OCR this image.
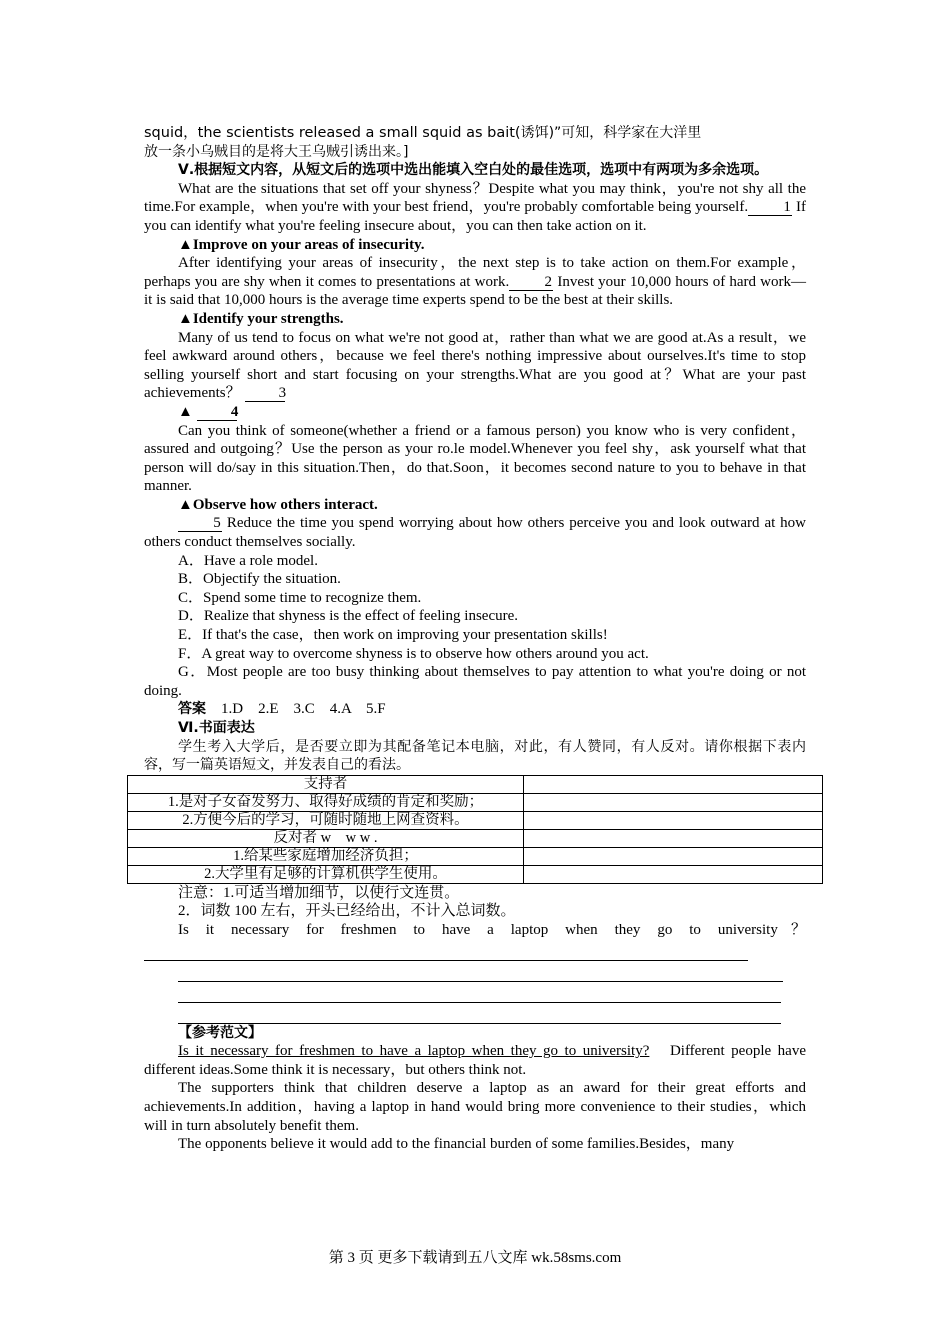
squid，the scientists released a small squid as bait(诱饵)”可知，科学家在大洋里

放一条小乌贼目的是将大王乌贼引诱出来。]

Ⅴ.根据短文内容，从短文后的选项中选出能填入空白处的最佳选项，选项中有两项为多余选项。

What are the situations that set off your shyness？Despite what you may think，you're not shy all the time.For example，when you're with your best friend，you're probably comfortable being yourself. 1 If you can identify what you're feeling insecure about，you can then take action on it.

▲Improve on your areas of insecurity.

After identifying your areas of insecurity，the next step is to take action on them.For example，perhaps you are shy when it comes to presentations at work. 2 Invest your 10,000 hours of hard work—it is said that 10,000 hours is the average time experts spend to be the best at their skills.

▲Identify your strengths.

Many of us tend to focus on what we're not good at，rather than what we are good at.As a result，we feel awkward around others，because we feel there's nothing impressive about ourselves.It's time to stop selling yourself short and start focusing on your strengths.What are you good at？What are your past achievements？	3

▲	4

Can you think of someone(whether a friend or a famous person) you know who is very confident，assured and outgoing？Use the person as your ro.le model.Whenever you feel shy，ask yourself what that person will do/say in this situation.Then，do that.Soon，it becomes second nature to you to behave in that manner.

▲Observe how others interact.

5 Reduce the time you spend worrying about how others perceive you and look outward at how others conduct themselves socially.

A．Have a role model.

B．Objectify the situation.

C．Spend some time to recognize them.

D．Realize that shyness is the effect of feeling insecure.

E．If that's the case，then work on improving your presentation skills!

F．A great way to overcome shyness is to observe how others around you act.

G．Most people are too busy thinking about themselves to pay attention to what you're doing or not doing.

答案　 1.D　2.E　3.C　4.A　5.F

Ⅵ.书面表达

学生考入大学后，是否要立即为其配备笔记本电脑，对此，有人赞同，有人反对。请你根据下表内容，写一篇英语短文，并发表自己的看法。

支持者	
1.是对子女奋发努力、取得好成绩的肯定和奖励；	
2.方便今后的学习，可随时随地上网查资料。	
反对者 w　w w .	
1.给某些家庭增加经济负担；	
2.大学里有足够的计算机供学生使用。	

注意：1.可适当增加细节，以使行文连贯。

2．词数 100 左右，开头已经给出，不计入总词数。

Is it necessary for freshmen to have a laptop when they go to university？

【参考范文】

Is it necessary for freshmen to have a laptop when they go to university?　Different people have different ideas.Some think it is necessary，but others think not.

The supporters think that children deserve a laptop as an award for their great efforts and achievements.In addition，having a laptop in hand would bring more convenience to their studies，which will in turn absolutely benefit them.

The opponents believe it would add to the financial burden of some families.Besides，many

第 3 页 更多下载请到五八文库 wk.58sms.com
